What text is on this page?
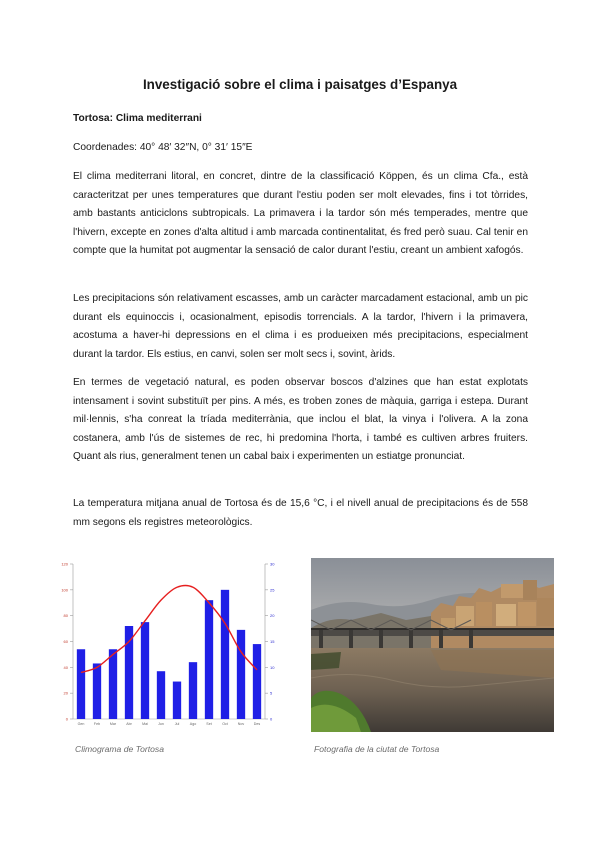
Investigació sobre el clima i paisatges d’Espanya

Tortosa: Clima mediterrani

Coordenades: 40° 48′ 32″N, 0° 31′ 15″E

El clima mediterrani litoral, en concret, dintre de la classificació Köppen, és un clima Cfa., està caracteritzat per unes temperatures que durant l'estiu poden ser molt elevades, fins i tot tòrrides, amb bastants anticiclons subtropicals. La primavera i la tardor són més temperades, mentre que l'hivern, excepte en zones d'alta altitud i amb marcada continentalitat, és fred però suau. Cal tenir en compte que la humitat pot augmentar la sensació de calor durant l'estiu, creant un ambient xafogós.

Les precipitacions són relativament escasses, amb un caràcter marcadament estacional, amb un pic durant els equinoccis i, ocasionalment, episodis torrencials. A la tardor, l'hivern i la primavera, acostuma a haver-hi depressions en el clima i es produeixen més precipitacions, especialment durant la tardor. Els estius, en canvi, solen ser molt secs i, sovint, àrids.

En termes de vegetació natural, es poden observar boscos d'alzines que han estat explotats intensament i sovint substituït per pins. A més, es troben zones de màquia, garriga i estepa. Durant mil·lennis, s'ha conreat la tríada mediterrània, que inclou el blat, la vinya i l'olivera. A la zona costanera, amb l'ús de sistemes de rec, hi predomina l'horta, i també es cultiven arbres fruiters. Quant als rius, generalment tenen un cabal baix i experimenten un estiatge pronunciat.

La temperatura mitjana anual de Tortosa és de 15,6 °C, i el nivell anual de precipitacions és de 558 mm segons els registres meteorològics.

0
20
40
60
80
100
120
0
5
10
15
20
25
30
Gen	Feb	Mar	Abr	Mai	Jun	Jul	Ago	Set	Oct	Nov	Des

Climograma de Tortosa	Fotografia de la ciutat de Tortosa
